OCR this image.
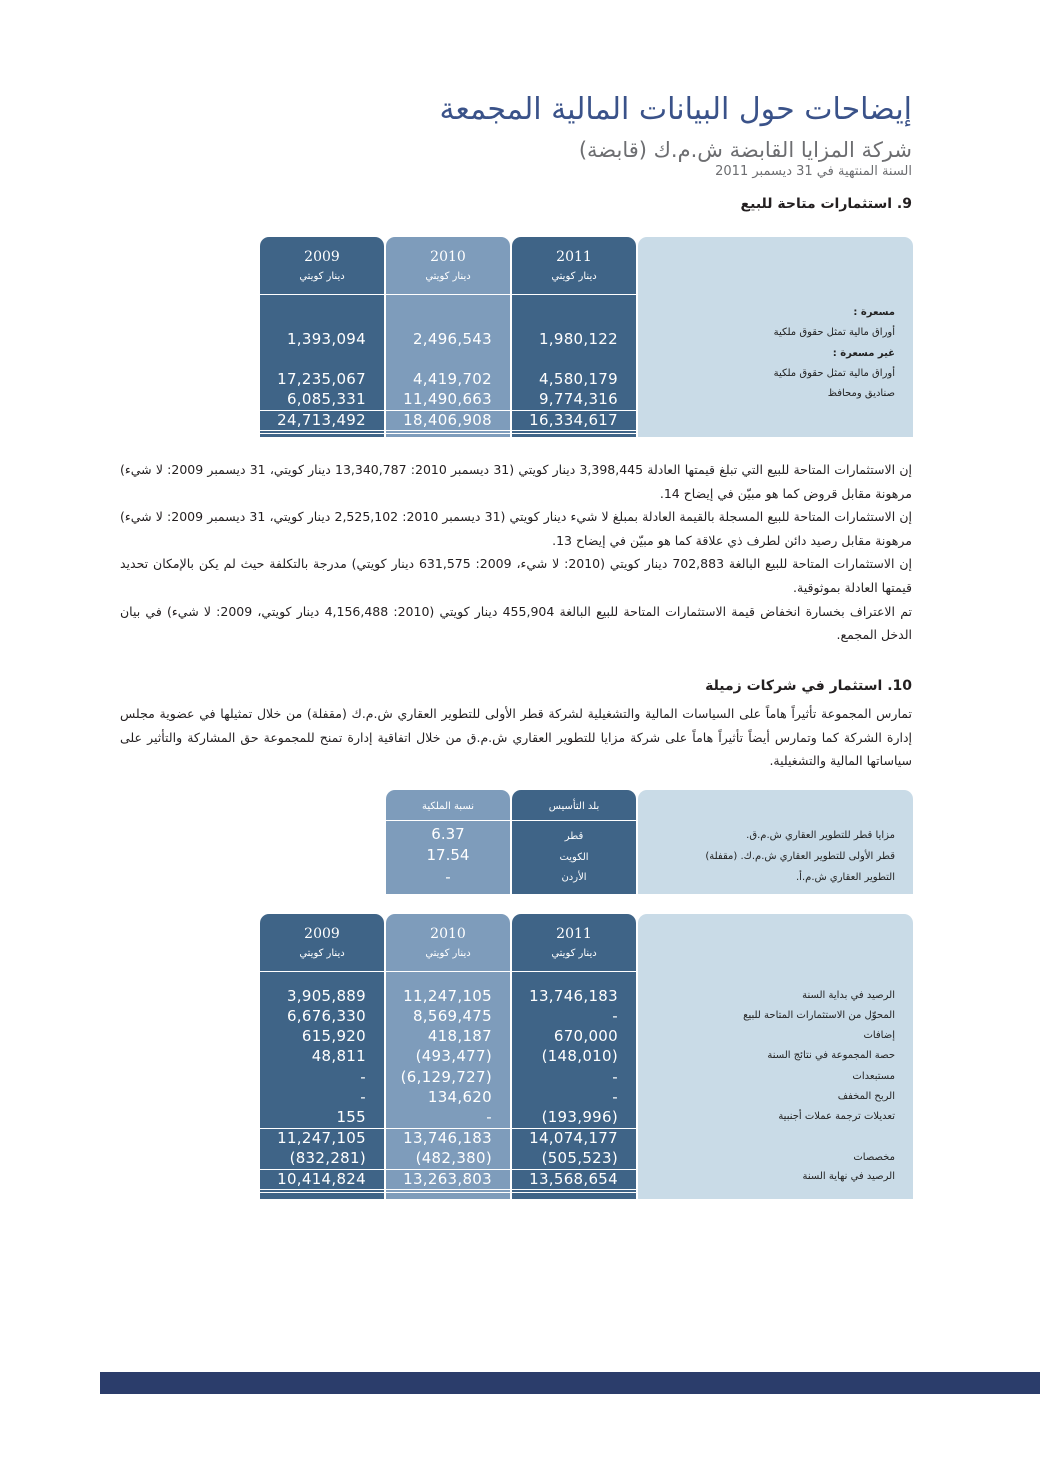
إيضاحات حول البيانات المالية المجمعة
شركة المزايا القابضة ش.م.ك (قابضة)
السنة المنتهية في 31 ديسمبر 2011
9. استثمارات متاحة للبيع
مسعرة :
أوراق مالية تمثل حقوق ملكية
غير مسعرة :
أوراق مالية تمثل حقوق ملكية
صناديق ومحافظ
2011
دينار كويتي
1,980,122
4,580,179
9,774,316
16,334,617
2010
دينار كويتي
2,496,543
4,419,702
11,490,663
18,406,908
2009
دينار كويتي
1,393,094
17,235,067
6,085,331
24,713,492

إن الاستثمارات المتاحة للبيع التي تبلغ قيمتها العادلة 3,398,445 دينار كويتي (31 ديسمبر 2010: 13,340,787 دينار كويتي، 31 ديسمبر 2009: لا شيء) مرهونة مقابل قروض كما هو مبيّن في إيضاح 14.

إن الاستثمارات المتاحة للبيع المسجلة بالقيمة العادلة بمبلغ لا شيء دينار كويتي (31 ديسمبر 2010: 2,525,102 دينار كويتي، 31 ديسمبر 2009: لا شيء) مرهونة مقابل رصيد دائن لطرف ذي علاقة كما هو مبيّن في إيضاح 13.

إن الاستثمارات المتاحة للبيع البالغة 702,883 دينار كويتي (2010: لا شيء، 2009: 631,575 دينار كويتي) مدرجة بالتكلفة حيث لم يكن بالإمكان تحديد قيمتها العادلة بموثوقية.

تم الاعتراف بخسارة انخفاض قيمة الاستثمارات المتاحة للبيع البالغة 455,904 دينار كويتي (2010: 4,156,488 دينار كويتي، 2009: لا شيء) في بيان الدخل المجمع.

10. استثمار في شركات زميلة

تمارس المجموعة تأثيراً هاماً على السياسات المالية والتشغيلية لشركة قطر الأولى للتطوير العقاري ش.م.ك (مقفلة) من خلال تمثيلها في عضوية مجلس إدارة الشركة كما وتمارس أيضاً تأثيراً هاماً على شركة مزايا للتطوير العقاري ش.م.ق من خلال اتفاقية إدارة تمنح للمجموعة حق المشاركة والتأثير على سياساتها المالية والتشغيلية.

مزايا قطر للتطوير العقاري ش.م.ق.
قطر الأولى للتطوير العقاري ش.م.ك. (مقفلة)
التطوير العقاري ش.م.أ.
بلد التأسيس
قطر
الكويت
الأردن
نسبة الملكية
6.37
17.54
-
الرصيد في بداية السنة
المحوّل من الاستثمارات المتاحة للبيع
إضافات
حصة المجموعة في نتائج السنة
مستبعدات
الربح المخفف
تعديلات ترجمة عملات أجنبية
مخصصات
الرصيد في نهاية السنة
2011
دينار كويتي
13,746,183
-
670,000
(148,010)
-
-
(193,996)
14,074,177
(505,523)
13,568,654
2010
دينار كويتي
11,247,105
8,569,475
418,187
(493,477)
(6,129,727)
134,620
-
13,746,183
(482,380)
13,263,803
2009
دينار كويتي
3,905,889
6,676,330
615,920
48,811
-
-
155
11,247,105
(832,281)
10,414,824
